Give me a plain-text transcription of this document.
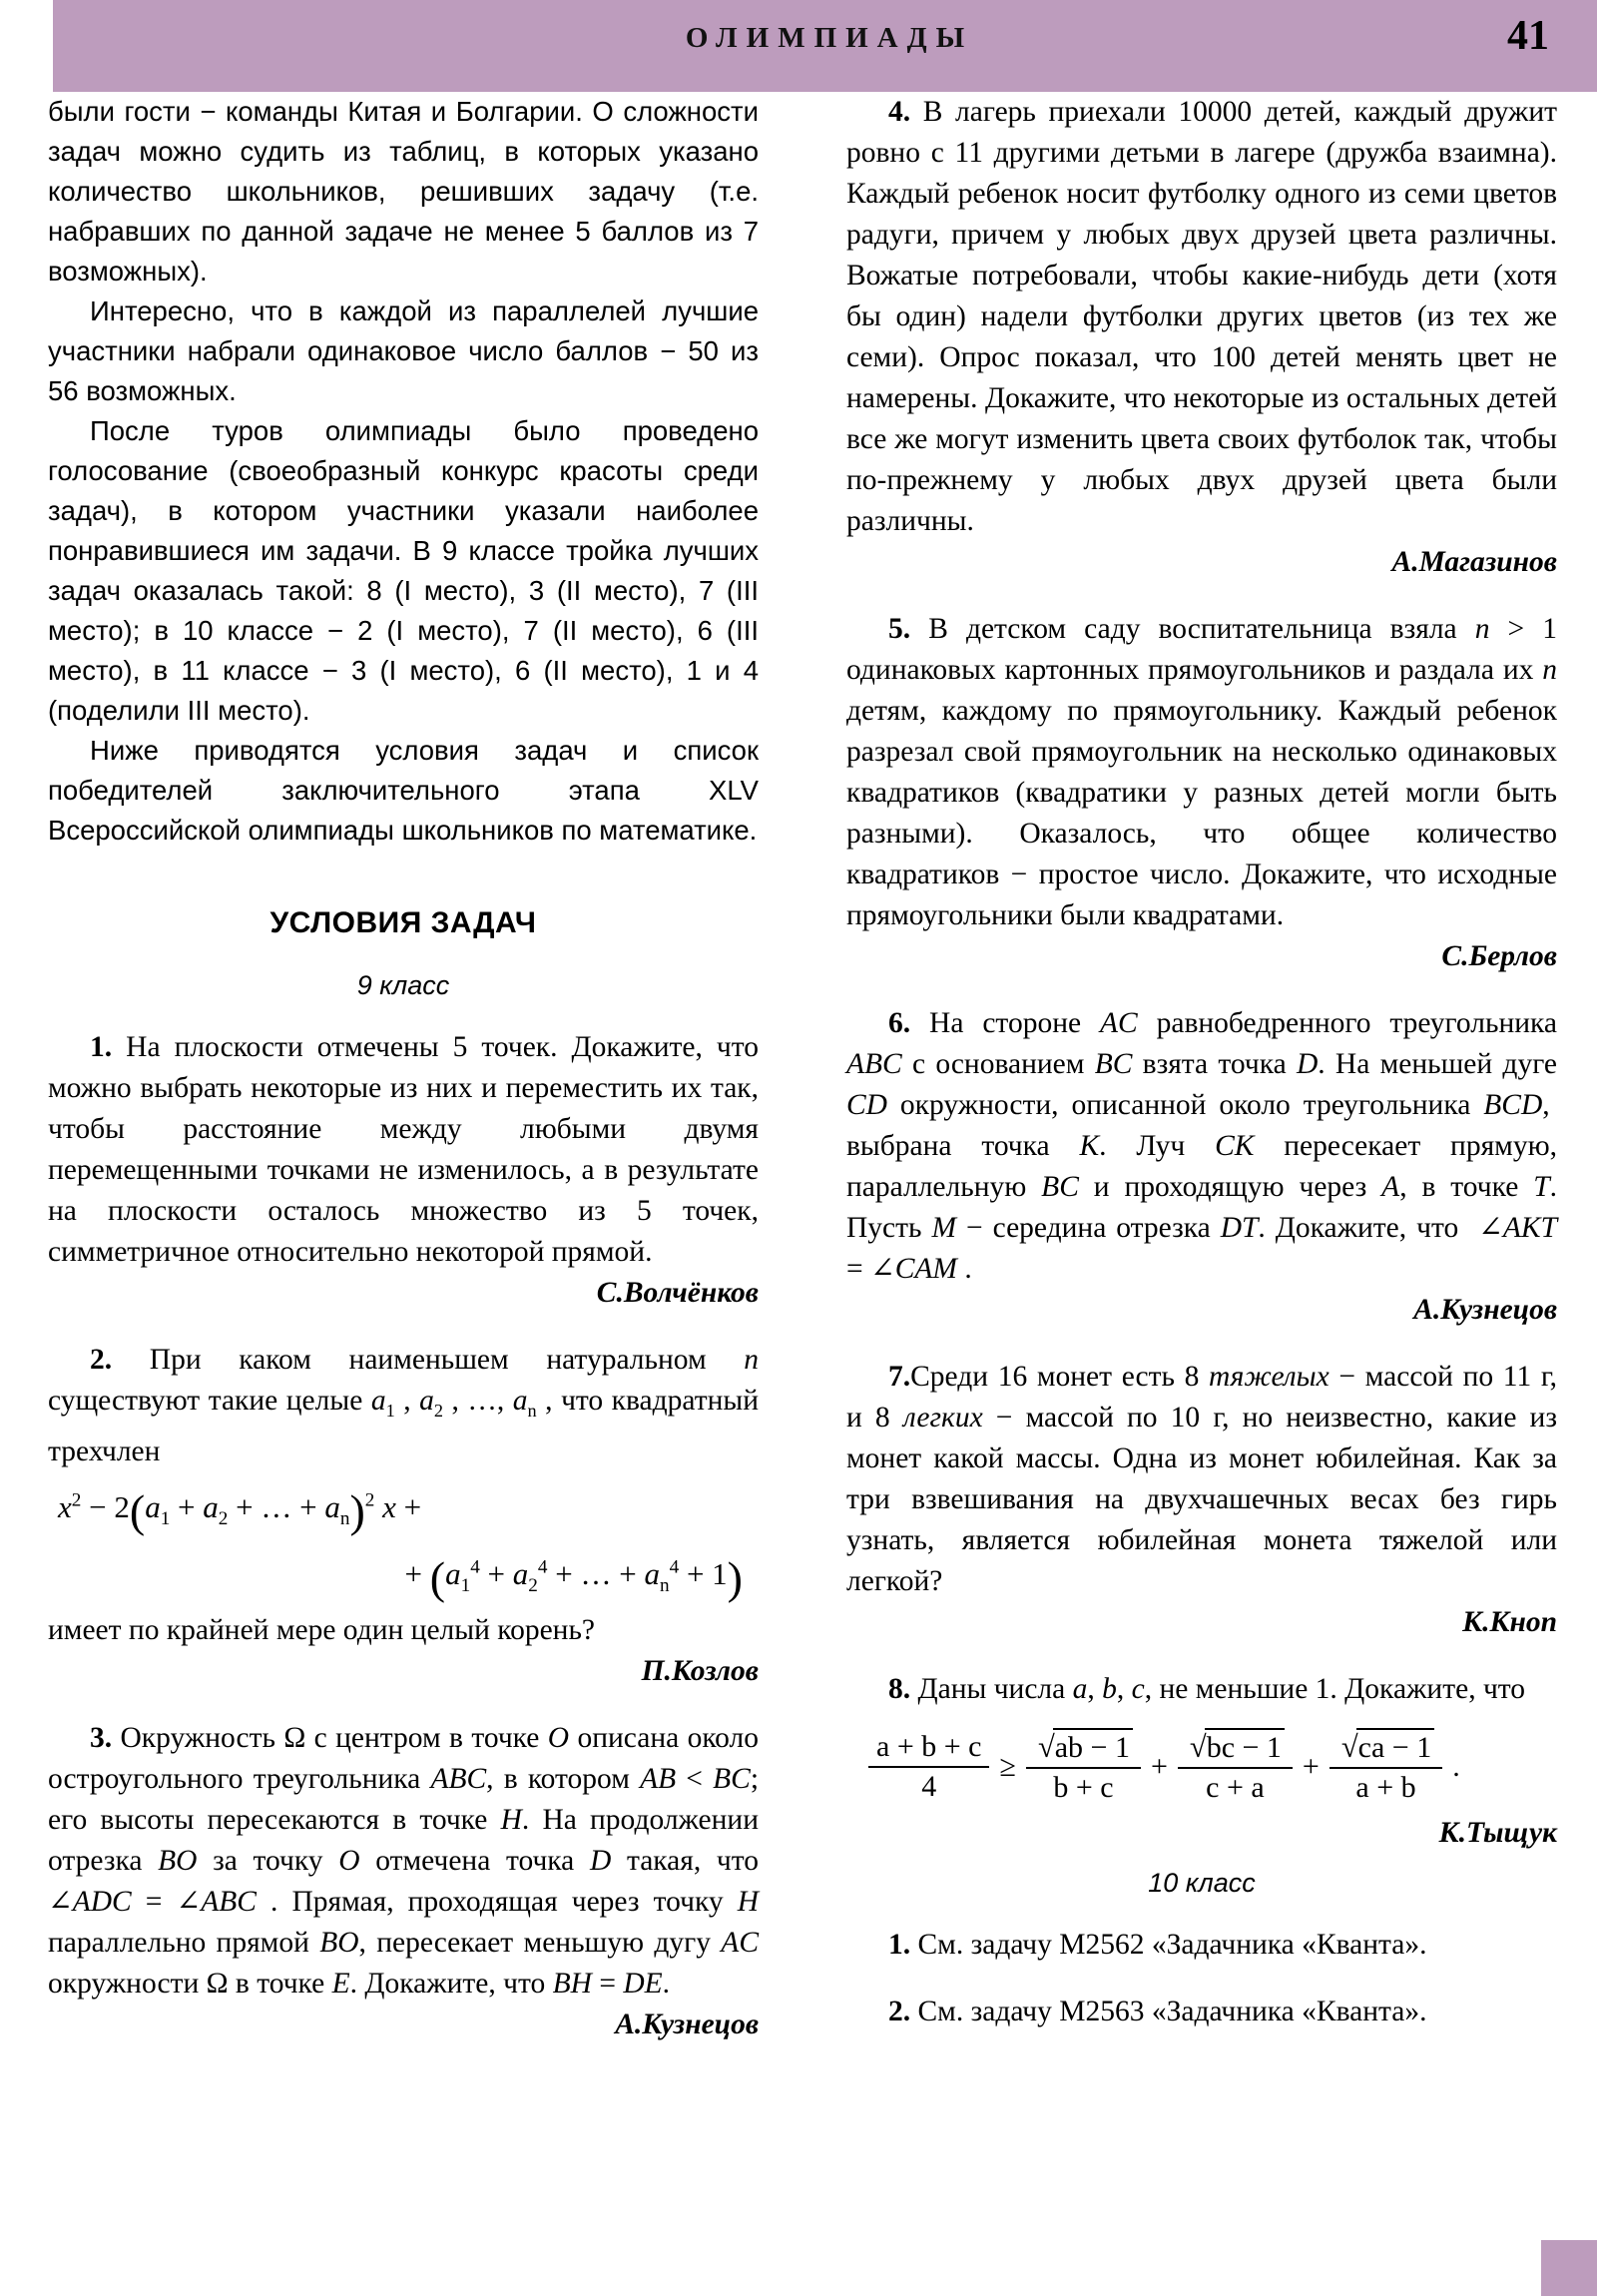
ОЛИМПИАДЫ	41

были гости − команды Китая и Болгарии. О сложности задач можно судить из таблиц, в которых указано количество школьников, решивших задачу (т.е. набравших по данной задаче не менее 5 баллов из 7 возможных).

Интересно, что в каждой из параллелей лучшие участники набрали одинаковое число баллов − 50 из 56 возможных.

После туров олимпиады было проведено голосование (своеобразный конкурс красоты среди задач), в котором участники указали наиболее понравившиеся им задачи. В 9 классе тройка лучших задач оказалась такой: 8 (I место), 3 (II место), 7 (III место); в 10 классе − 2 (I место), 7 (II место), 6 (III место), в 11 классе − 3 (I место), 6 (II место), 1 и 4 (поделили III место).

Ниже приводятся условия задач и список победителей заключительного этапа XLV Всероссийской олимпиады школьников по математике.

УСЛОВИЯ ЗАДАЧ
9 класс

1. На плоскости отмечены 5 точек. Докажите, что можно выбрать некоторые из них и переместить их так, чтобы расстояние между любыми двумя перемещенными точками не изменилось, а в результате на плоскости осталось множество из 5 точек, симметричное относительно некоторой прямой.

С.Волчёнков

2. При каком наименьшем натуральном n существуют такие целые $a_1$ , $a_2$ , …, $a_n$ , что квадратный трехчлен

$x^2 - 2(a_1 + a_2$ + … + $a_n)^2$ x +
+ ($a_1^4 + a_2^4$ + … + $a_n^4 + 1$)

имеет по крайней мере один целый корень?

П.Козлов

3. Окружность Ω с центром в точке O описана около остроугольного треугольника ABC, в котором AB < BC; его высоты пересекаются в точке H. На продолжении отрезка BO за точку O отмечена точка D такая, что ∠ADC = ∠ABC . Прямая, проходящая через точку H параллельно прямой BO, пересекает меньшую дугу AC окружности Ω в точке E. Докажите, что BH = DE.

А.Кузнецов

4. В лагерь приехали 10000 детей, каждый дружит ровно с 11 другими детьми в лагере (дружба взаимна). Каждый ребенок носит футболку одного из семи цветов радуги, причем у любых двух друзей цвета различны. Вожатые потребовали, чтобы какие-нибудь дети (хотя бы один) надели футболки других цветов (из тех же семи). Опрос показал, что 100 детей менять цвет не намерены. Докажите, что некоторые из остальных детей все же могут изменить цвета своих футболок так, чтобы по-прежнему у любых двух друзей цвета были различны.

А.Магазинов

5. В детском саду воспитательница взяла n > 1 одинаковых картонных прямоугольников и раздала их n детям, каждому по прямоугольнику. Каждый ребенок разрезал свой прямоугольник на несколько одинаковых квадратиков (квадратики у разных детей могли быть разными). Оказалось, что общее количество квадратиков − простое число. Докажите, что исходные прямоугольники были квадратами.

С.Берлов

6. На стороне AC равнобедренного треугольника ABC с основанием BC взята точка D. На меньшей дуге CD окружности, описанной около треугольника BCD,  выбрана точка K. Луч CK пересекает прямую, параллельную BC и проходящую через A, в точке T. Пусть M − середина отрезка DT. Докажите, что  ∠AKT = ∠CAM .

А.Кузнецов

7.Среди 16 монет есть 8 тяжелых − массой по 11 г, и 8 легких − массой по 10 г, но неизвестно, какие из монет какой массы. Одна из монет юбилейная. Как за три взвешивания на двухчашечных весах без гирь узнать, является юбилейная монета тяжелой или легкой?

К.Кноп

8. Даны числа a, b, c, не меньшие 1. Докажите, что

$\frac{a + b + c}{4} \ge \frac{√ab - 1}{b + c} + \frac{√bc - 1}{c + a} + \frac{√ca - 1}{a + b}$ .

К.Тыщук

10 класс

1. См. задачу М2562 «Задачника «Кванта».

2. См. задачу М2563 «Задачника «Кванта».
